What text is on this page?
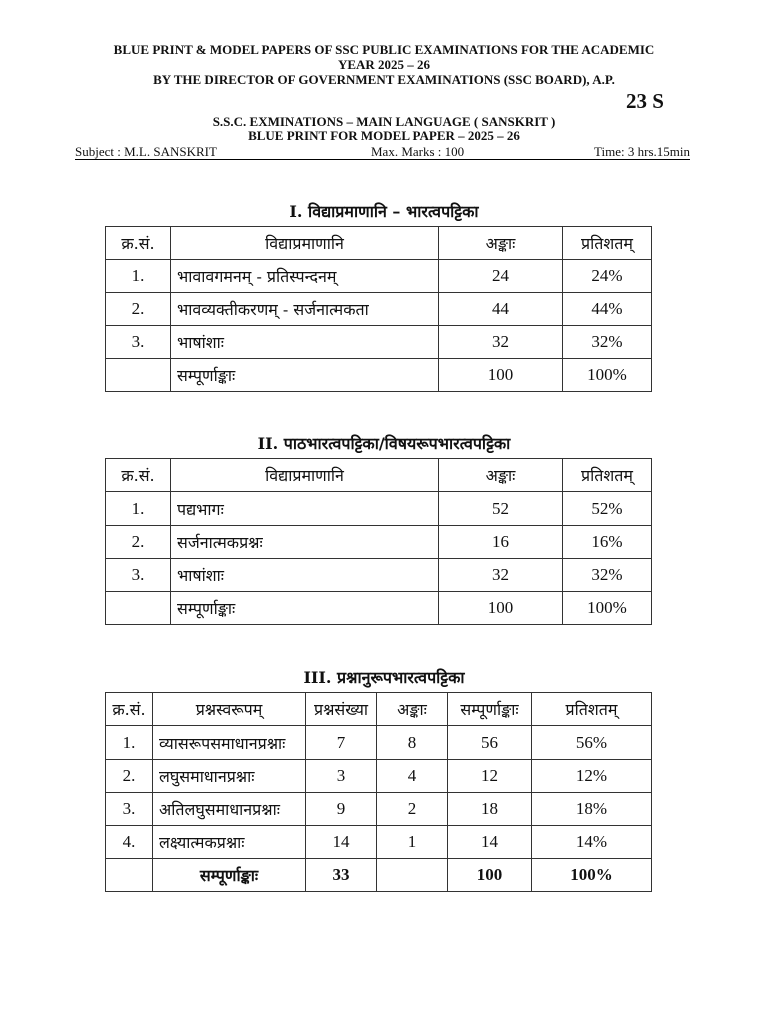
BLUE PRINT & MODEL PAPERS OF SSC PUBLIC EXAMINATIONS FOR THE ACADEMIC
YEAR 2025 – 26
BY THE DIRECTOR OF GOVERNMENT EXAMINATIONS (SSC BOARD), A.P.
23 S
S.S.C. EXMINATIONS – MAIN LANGUAGE ( SANSKRIT )
BLUE PRINT FOR MODEL PAPER – 2025 – 26
Subject : M.L. SANSKRIT	Max. Marks : 100	Time: 3 hrs.15min
I. विद्याप्रमाणानि – भारत्वपट्टिका
क्र.सं.	विद्याप्रमाणानि	अङ्काः	प्रतिशतम्
1.	भावावगमनम् - प्रतिस्पन्दनम्	24	24%
2.	भावव्यक्तीकरणम् - सर्जनात्मकता	44	44%
3.	भाषांशाः	32	32%
	सम्पूर्णाङ्काः	100	100%
II. पाठभारत्वपट्टिका/विषयरूपभारत्वपट्टिका
क्र.सं.	विद्याप्रमाणानि	अङ्काः	प्रतिशतम्
1.	पद्यभागः	52	52%
2.	सर्जनात्मकप्रश्नः	16	16%
3.	भाषांशाः	32	32%
	सम्पूर्णाङ्काः	100	100%
III. प्रश्नानुरूपभारत्वपट्टिका
क्र.सं.	प्रश्नस्वरूपम्	प्रश्नसंख्या	अङ्काः	सम्पूर्णाङ्काः	प्रतिशतम्
1.	व्यासरूपसमाधानप्रश्नाः	7	8	56	56%
2.	लघुसमाधानप्रश्नाः	3	4	12	12%
3.	अतिलघुसमाधानप्रश्नाः	9	2	18	18%
4.	लक्ष्यात्मकप्रश्नाः	14	1	14	14%
	सम्पूर्णाङ्काः	33		100	100%
